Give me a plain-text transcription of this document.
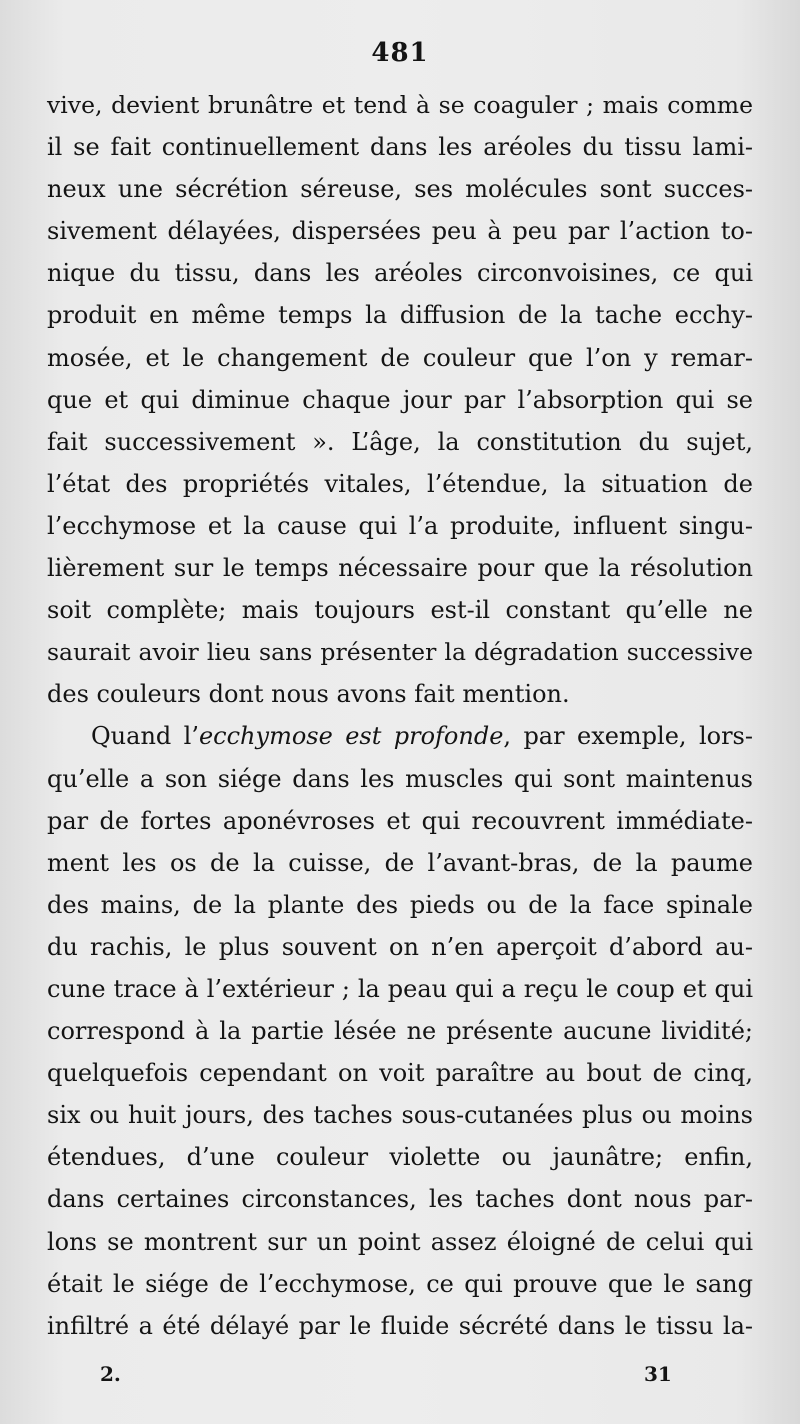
481
vive, devient brunâtre et tend à se coaguler ; mais comme
il se fait continuellement dans les aréoles du tissu lami-
neux une sécrétion séreuse, ses molécules sont succes-
sivement délayées, dispersées peu à peu par l’action to-
nique du tissu, dans les aréoles circonvoisines, ce qui
produit en même temps la diffusion de la tache ecchy-
mosée, et le changement de couleur que l’on y remar-
que et qui diminue chaque jour par l’absorption qui se
fait successivement ». L’âge, la constitution du sujet,
l’état des propriétés vitales, l’étendue, la situation de
l’ecchymose et la cause qui l’a produite, influent singu-
lièrement sur le temps nécessaire pour que la résolution
soit complète; mais toujours est-il constant qu’elle ne
saurait avoir lieu sans présenter la dégradation successive
des couleurs dont nous avons fait mention.
Quand l’ecchymose est profonde, par exemple, lors-
qu’elle a son siége dans les muscles qui sont maintenus
par de fortes aponévroses et qui recouvrent immédiate-
ment les os de la cuisse, de l’avant-bras, de la paume
des mains, de la plante des pieds ou de la face spinale
du rachis, le plus souvent on n’en aperçoit d’abord au-
cune trace à l’extérieur ; la peau qui a reçu le coup et qui
correspond à la partie lésée ne présente aucune lividité;
quelquefois cependant on voit paraître au bout de cinq,
six ou huit jours, des taches sous-cutanées plus ou moins
étendues, d’une couleur violette ou jaunâtre; enfin,
dans certaines circonstances, les taches dont nous par-
lons se montrent sur un point assez éloigné de celui qui
était le siége de l’ecchymose, ce qui prouve que le sang
infiltré a été délayé par le fluide sécrété dans le tissu la-
2.	31
